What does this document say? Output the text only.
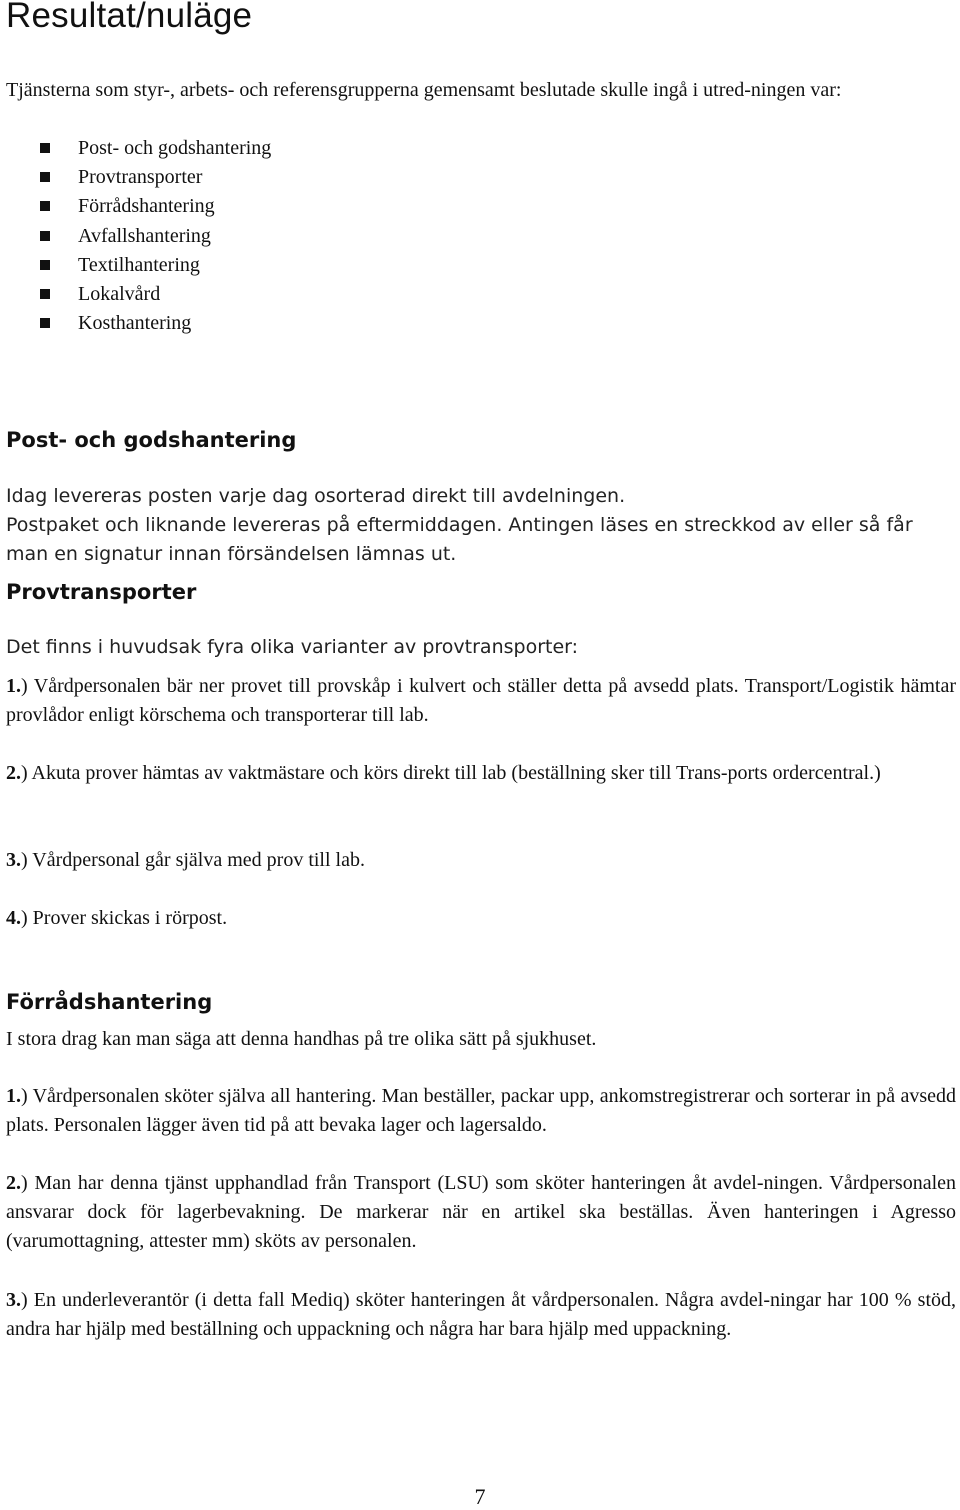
Resultat/nuläge

Tjänsterna som styr-, arbets- och referensgrupperna gemensamt beslutade skulle ingå i utred-ningen var:

Post- och godshantering
Provtransporter
Förrådshantering
Avfallshantering
Textilhantering
Lokalvård
Kosthantering
Post- och godshantering

Idag levereras posten varje dag osorterad direkt till avdelningen.

Postpaket och liknande levereras på eftermiddagen. Antingen läses en streckkod av eller så får man en signatur innan försändelsen lämnas ut.

Provtransporter

Det finns i huvudsak fyra olika varianter av provtransporter:

1.) Vårdpersonalen bär ner provet till provskåp i kulvert och ställer detta på avsedd plats. Transport/Logistik hämtar provlådor enligt körschema och transporterar till lab.

2.) Akuta prover hämtas av vaktmästare och körs direkt till lab (beställning sker till Trans-ports ordercentral.)

3.) Vårdpersonal går själva med prov till lab.

4.) Prover skickas i rörpost.

Förrådshantering

I stora drag kan man säga att denna handhas på tre olika sätt på sjukhuset.

1.) Vårdpersonalen sköter själva all hantering. Man beställer, packar upp, ankomstregistrerar och sorterar in på avsedd plats. Personalen lägger även tid på att bevaka lager och lagersaldo.

2.) Man har denna tjänst upphandlad från Transport (LSU) som sköter hanteringen åt avdel-ningen. Vårdpersonalen ansvarar dock för lagerbevakning. De markerar när en artikel ska beställas. Även hanteringen i Agresso (varumottagning, attester mm) sköts av personalen.

3.) En underleverantör (i detta fall Mediq) sköter hanteringen åt vårdpersonalen. Några avdel-ningar har 100 % stöd, andra har hjälp med beställning och uppackning och några har bara hjälp med uppackning.

7
